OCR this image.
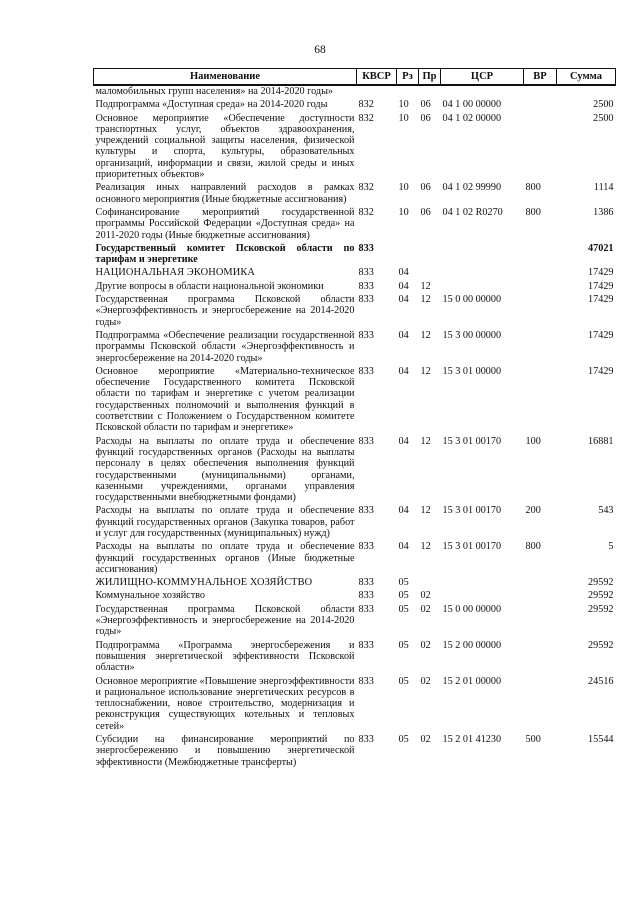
68
Наименование	КВСР	Рз	Пр	ЦСР	ВР	Сумма
маломобильных групп населения» на 2014-2020 годы»						
Подпрограмма «Доступная среда» на 2014-2020 годы	832	10	06	04 1 00 00000		2500
Основное мероприятие «Обеспечение доступности транспортных услуг, объектов здравоохранения, учреждений социальной защиты населения, физической культуры и спорта, культуры, образовательных организаций, информации и связи, жилой среды и иных приоритетных объектов»	832	10	06	04 1 02 00000		2500
Реализация иных направлений расходов в рамках основного мероприятия (Иные бюджетные ассигнования)	832	10	06	04 1 02 99990	800	1114
Софинансирование мероприятий государственной программы Российской Федерации «Доступная среда» на 2011-2020 годы (Иные бюджетные ассигнования)	832	10	06	04 1 02 R0270	800	1386
Государственный комитет Псковской области по тарифам и энергетике	833					47021
НАЦИОНАЛЬНАЯ ЭКОНОМИКА	833	04				17429
Другие вопросы в области национальной экономики	833	04	12			17429
Государственная программа Псковской области «Энергоэффективность и энергосбережение на 2014-2020 годы»	833	04	12	15 0 00 00000		17429
Подпрограмма «Обеспечение реализации государственной программы Псковской области «Энергоэффективность и энергосбережение на 2014-2020 годы»	833	04	12	15 3 00 00000		17429
Основное мероприятие «Материально-техническое обеспечение Государственного комитета Псковской области по тарифам и энергетике с учетом реализации государственных полномочий и выполнения функций в соответствии с Положением о Государственном комитете Псковской области по тарифам и энергетике»	833	04	12	15 3 01 00000		17429
Расходы на выплаты по оплате труда и обеспечение функций государственных органов (Расходы на выплаты персоналу в целях обеспечения выполнения функций государственными (муниципальными) органами, казенными учреждениями, органами управления государственными внебюджетными фондами)	833	04	12	15 3 01 00170	100	16881
Расходы на выплаты по оплате труда и обеспечение функций государственных органов (Закупка товаров, работ и услуг для государственных (муниципальных) нужд)	833	04	12	15 3 01 00170	200	543
Расходы на выплаты по оплате труда и обеспечение функций государственных органов (Иные бюджетные ассигнования)	833	04	12	15 3 01 00170	800	5
ЖИЛИЩНО-КОММУНАЛЬНОЕ ХОЗЯЙСТВО	833	05				29592
Коммунальное хозяйство	833	05	02			29592
Государственная программа Псковской области «Энергоэффективность и энергосбережение на 2014-2020 годы»	833	05	02	15 0 00 00000		29592
Подпрограмма «Программа энергосбережения и повышения энергетической эффективности Псковской области»	833	05	02	15 2 00 00000		29592
Основное мероприятие «Повышение энергоэффективности и рациональное использование энергетических ресурсов в теплоснабжении, новое строительство, модернизация и реконструкция существующих котельных и тепловых сетей»	833	05	02	15 2 01 00000		24516
Субсидии на финансирование мероприятий по энергосбережению и повышению энергетической эффективности (Межбюджетные трансферты)	833	05	02	15 2 01 41230	500	15544
